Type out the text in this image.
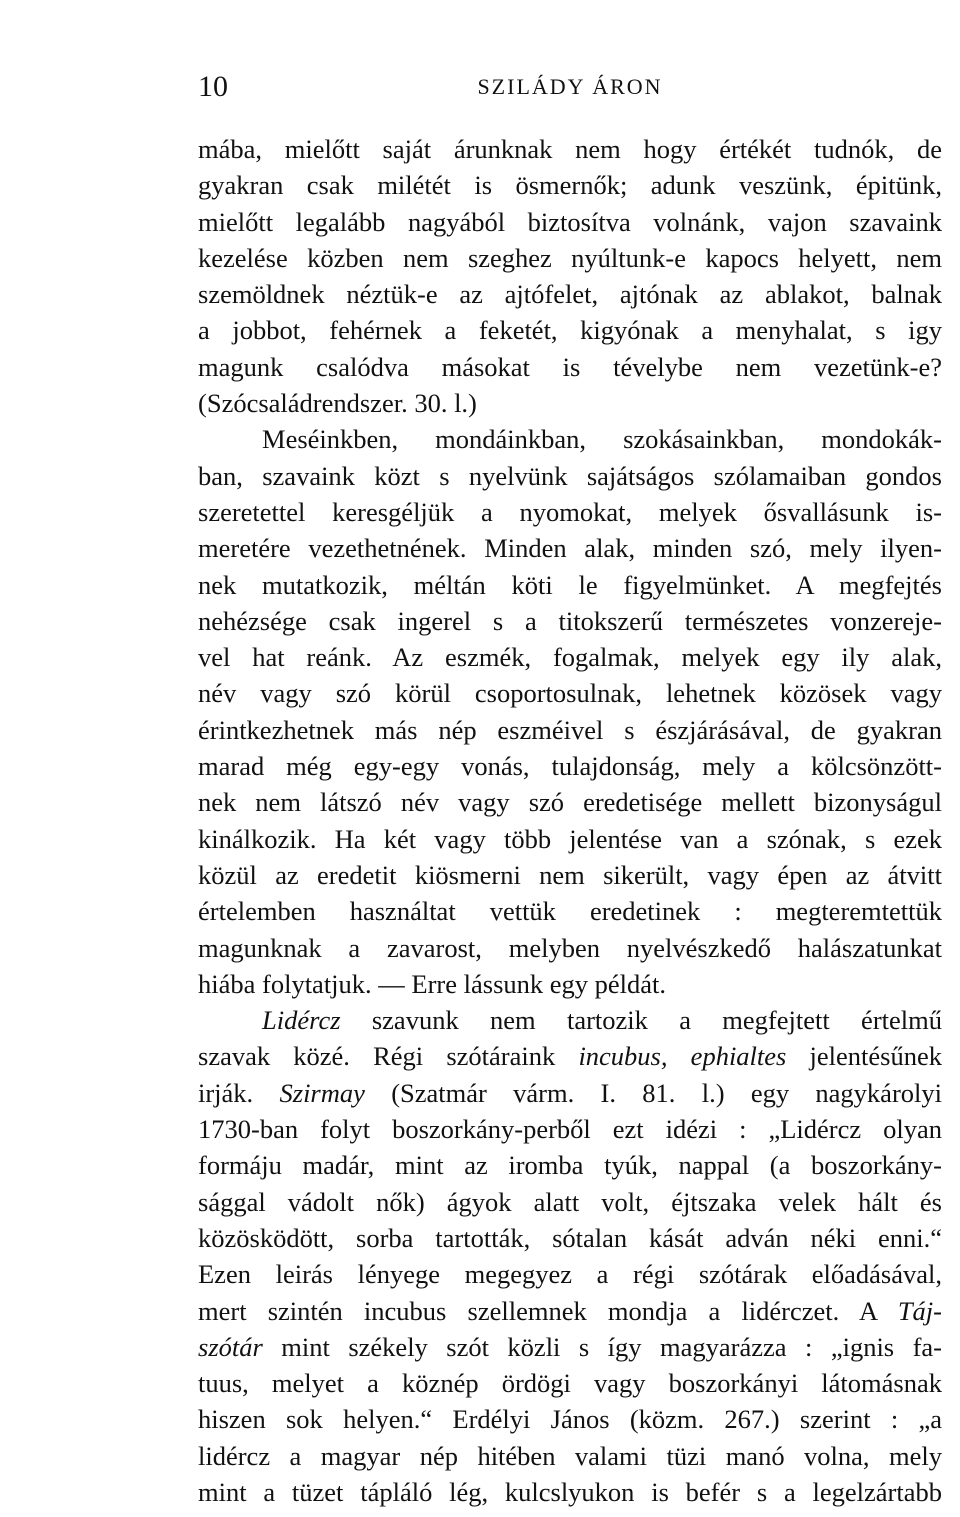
10	SZILÁDY ÁRON
mába, mielőtt saját árunknak nem hogy értékét tudnók, de
gyakran csak milétét is ösmernők; adunk veszünk, épitünk,
mielőtt legalább nagyából biztosítva volnánk, vajon szavaink
kezelése közben nem szeghez nyúltunk-e kapocs helyett, nem
szemöldnek néztük-e az ajtófelet, ajtónak az ablakot, balnak
a jobbot, fehérnek a feketét, kigyónak a menyhalat, s igy
magunk csalódva másokat is tévelybe nem vezetünk-e?
(Szócsaládrendszer. 30. l.)
Meséinkben, mondáinkban, szokásainkban, mondokák-
ban, szavaink közt s nyelvünk sajátságos szólamaiban gondos
szeretettel keresgéljük a nyomokat, melyek ősvallásunk is-
meretére vezethetnének. Minden alak, minden szó, mely ilyen-
nek mutatkozik, méltán köti le figyelmünket. A megfejtés
nehézsége csak ingerel s a titokszerű természetes vonzereje-
vel hat reánk. Az eszmék, fogalmak, melyek egy ily alak,
név vagy szó körül csoportosulnak, lehetnek közösek vagy
érintkezhetnek más nép eszméivel s észjárásával, de gyakran
marad még egy-egy vonás, tulajdonság, mely a kölcsönzött-
nek nem látszó név vagy szó eredetisége mellett bizonyságul
kinálkozik. Ha két vagy több jelentése van a szónak, s ezek
közül az eredetit kiösmerni nem sikerült, vagy épen az átvitt
értelemben használtat vettük eredetinek : megteremtettük
magunknak a zavarost, melyben nyelvészkedő halászatunkat
hiába folytatjuk. — Erre lássunk egy példát.
Lidércz szavunk nem tartozik a megfejtett értelmű
szavak közé. Régi szótáraink incubus, ephialtes jelentésűnek
irják. Szirmay (Szatmár várm. I. 81. l.) egy nagykárolyi
1730-ban folyt boszorkány-perből ezt idézi : „Lidércz olyan
formáju madár, mint az iromba tyúk, nappal (a boszorkány-
sággal vádolt nők) ágyok alatt volt, éjtszaka velek hált és
közösködött, sorba tartották, sótalan kását adván néki enni.“
Ezen leirás lényege megegyez a régi szótárak előadásával,
mert szintén incubus szellemnek mondja a lidérczet. A Táj-
szótár mint székely szót közli s így magyarázza : „ignis fa-
tuus, melyet a köznép ördögi vagy boszorkányi látomásnak
hiszen sok helyen.“ Erdélyi János (közm. 267.) szerint : „a
lidércz a magyar nép hitében valami tüzi manó volna, mely
mint a tüzet tápláló lég, kulcslyukon is befér s a legelzártabb
